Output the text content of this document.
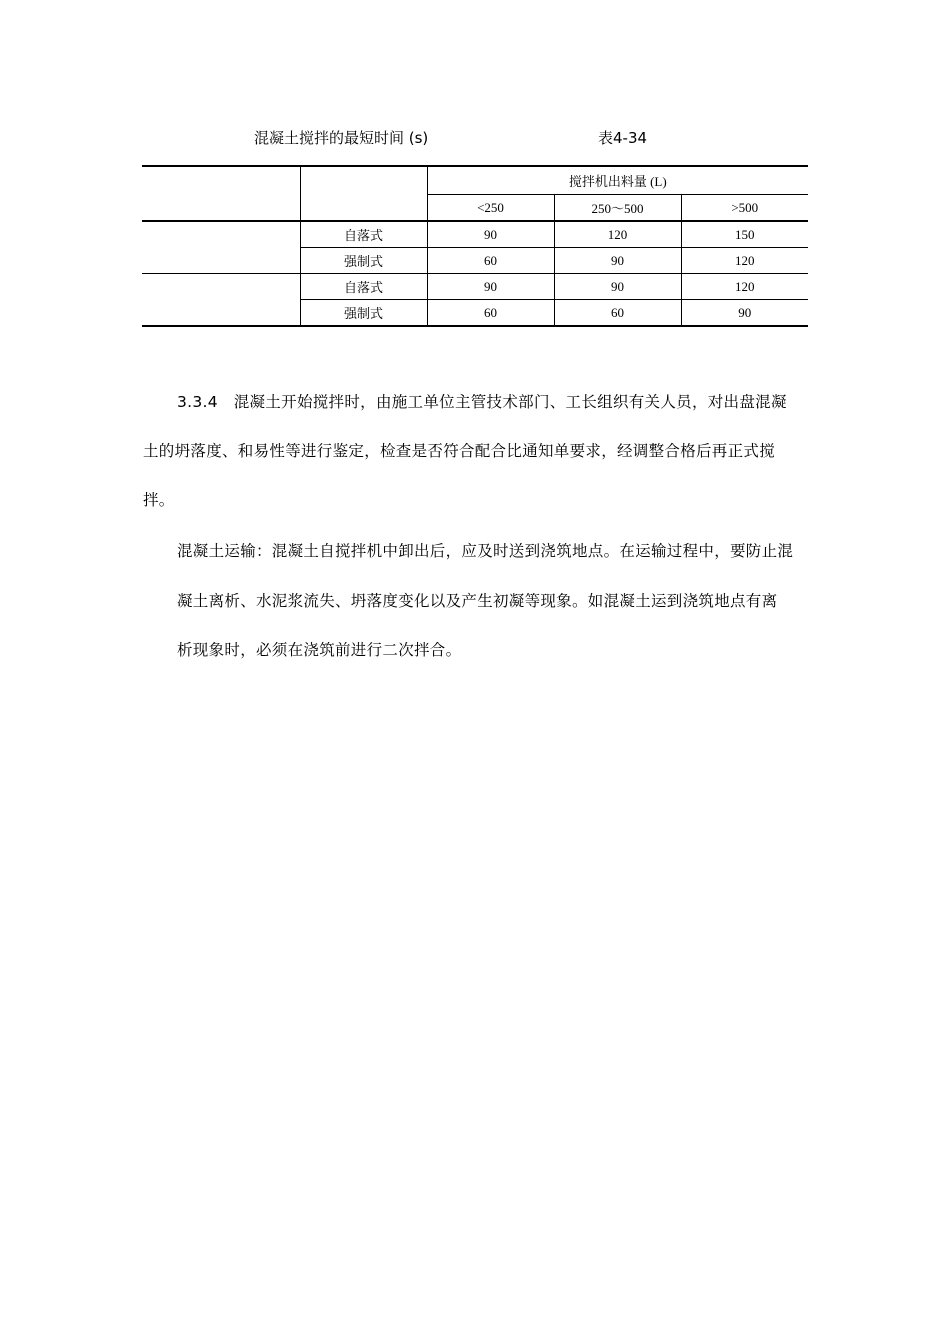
混凝土搅拌的最短时间 (s)	表4-34
		搅拌机出料量 (L)		
		<250	250～500	>500
	自落式	90	120	150
	强制式	60	90	120
	自落式	90	90	120
	强制式	60	60	90
3.3.4　混凝土开始搅拌时，由施工单位主管技术部门、工长组织有关人员，对出盘混凝
土的坍落度、和易性等进行鉴定，检查是否符合配合比通知单要求，经调整合格后再正式搅
拌。
混凝土运输：混凝土自搅拌机中卸出后，应及时送到浇筑地点。在运输过程中，要防止混
凝土离析、水泥浆流失、坍落度变化以及产生初凝等现象。如混凝土运到浇筑地点有离
析现象时，必须在浇筑前进行二次拌合。
